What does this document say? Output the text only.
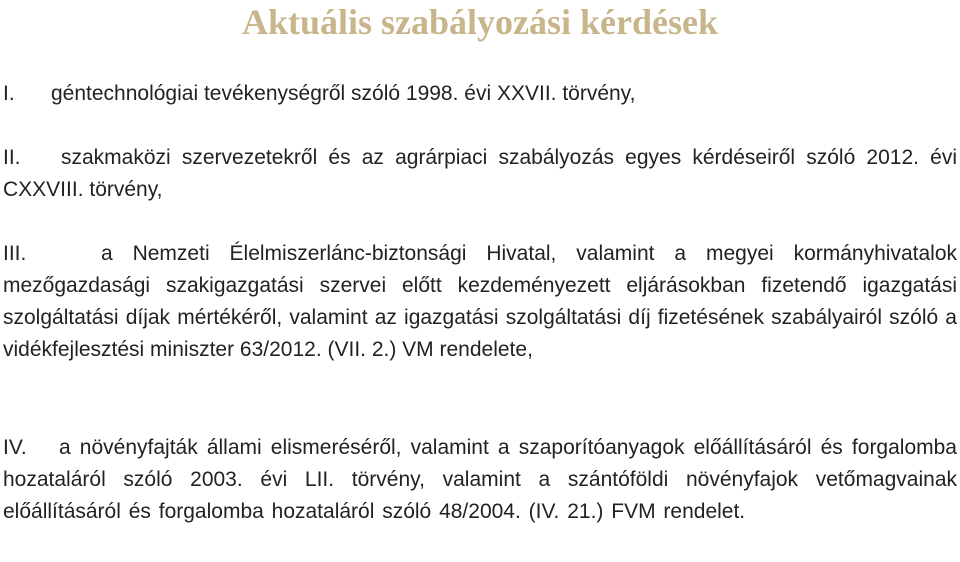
Aktuális szabályozási kérdések

I. géntechnológiai tevékenységről szóló 1998. évi XXVII. törvény,

II. szakmaközi szervezetekről és az agrárpiaci szabályozás egyes kérdéseiről szóló 2012. évi CXXVIII. törvény,

III.	a Nemzeti Élelmiszerlánc-biztonsági Hivatal, valamint a megyei kormányhivatalok mezőgazdasági szakigazgatási szervei előtt kezdeményezett eljárásokban fizetendő igazgatási szolgáltatási díjak mértékéről, valamint az igazgatási szolgáltatási díj fizetésének szabályairól szóló a vidékfejlesztési miniszter 63/2012. (VII. 2.) VM rendelete,

IV. a növényfajták állami elismeréséről, valamint a szaporítóanyagok előállításáról és forgalomba hozataláról szóló 2003. évi LII. törvény, valamint a szántóföldi növényfajok vetőmagvainak előállításáról és forgalomba hozataláról szóló 48/2004. (IV. 21.) FVM rendelet.
